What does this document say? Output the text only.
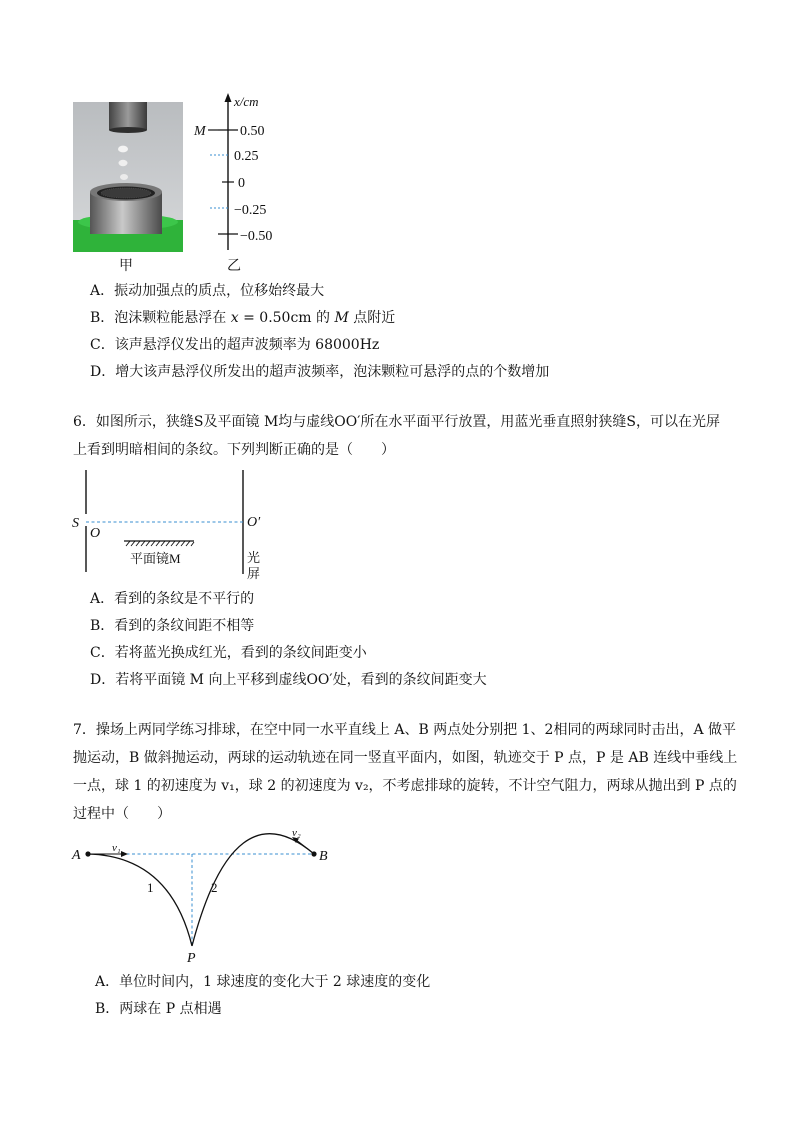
甲
x/cm
0.50
M
0.25
0
−0.25
−0.50
乙
A．振动加强点的质点，位移始终最大
B．泡沫颗粒能悬浮在 x = 0.50cm 的 M 点附近
C．该声悬浮仪发出的超声波频率为 68000Hz
D．增大该声悬浮仪所发出的超声波频率，泡沫颗粒可悬浮的点的个数增加
6．如图所示，狭缝S及平面镜 M均与虚线OO′所在水平面平行放置，用蓝光垂直照射狭缝S，可以在光屏
上看到明暗相间的条纹。下列判断正确的是（　　）
S
O
O′
平面镜M	光
屏
A．看到的条纹是不平行的
B．看到的条纹间距不相等
C．若将蓝光换成红光，看到的条纹间距变小
D．若将平面镜 M 向上平移到虚线OO′处，看到的条纹间距变大
7．操场上两同学练习排球，在空中同一水平直线上 A、B 两点处分别把 1、2相同的两球同时击出，A 做平
抛运动，B 做斜抛运动，两球的运动轨迹在同一竖直平面内，如图，轨迹交于 P 点，P 是 AB 连线中垂线上
一点，球 1 的初速度为 v₁，球 2 的初速度为 v₂，不考虑排球的旋转，不计空气阻力，两球从抛出到 P 点的
过程中（　　）
A	B
P
v₁
v₂
1	2
A．单位时间内，1 球速度的变化大于 2 球速度的变化
B．两球在 P 点相遇
